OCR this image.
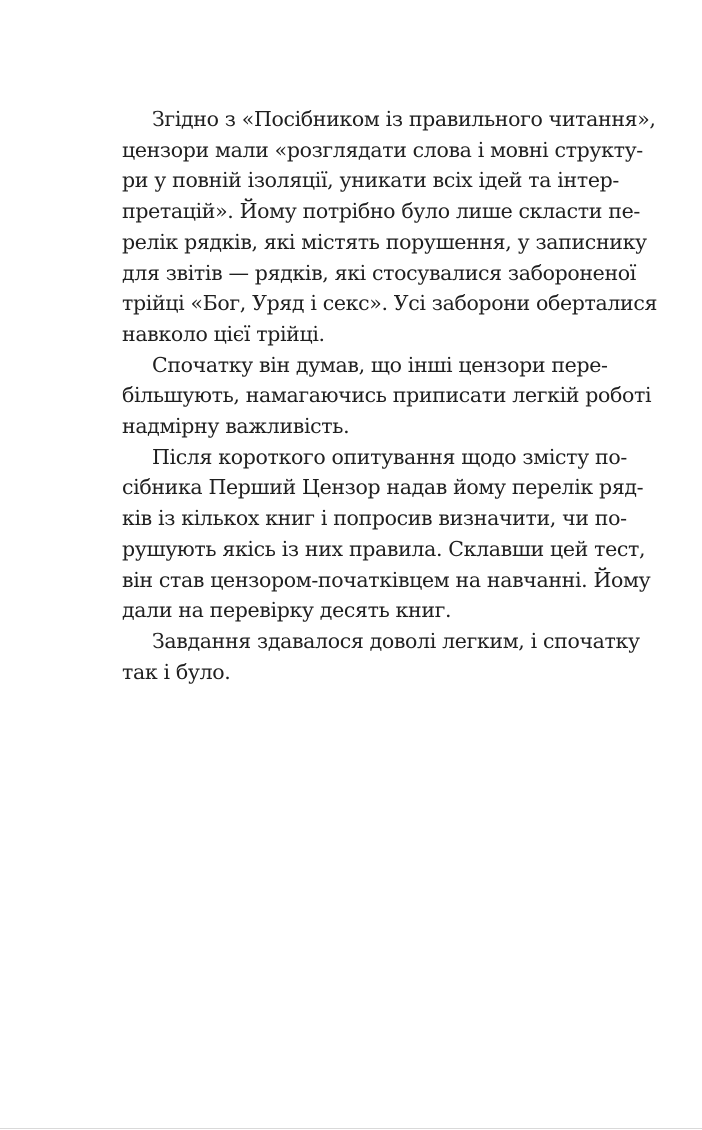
Згідно з «Посібником із правильного читання»,
цензори мали «розглядати слова і мовні структу-
ри у повній ізоляції, уникати всіх ідей та інтер-
претацій». Йому потрібно було лише скласти пе-
релік рядків, які містять порушення, у записнику
для звітів — рядків, які стосувалися забороненої
трійці «Бог, Уряд і секс». Усі заборони оберталися
навколо цієї трійці.

Спочатку він думав, що інші цензори пере-
більшують, намагаючись приписати легкій роботі
надмірну важливість.

Після короткого опитування щодо змісту по-
сібника Перший Цензор надав йому перелік ряд-
ків із кількох книг і попросив визначити, чи по-
рушують якісь із них правила. Склавши цей тест,
він став цензором-початківцем на навчанні. Йому
дали на перевірку десять книг.

Завдання здавалося доволі легким, і спочатку
так і було.
